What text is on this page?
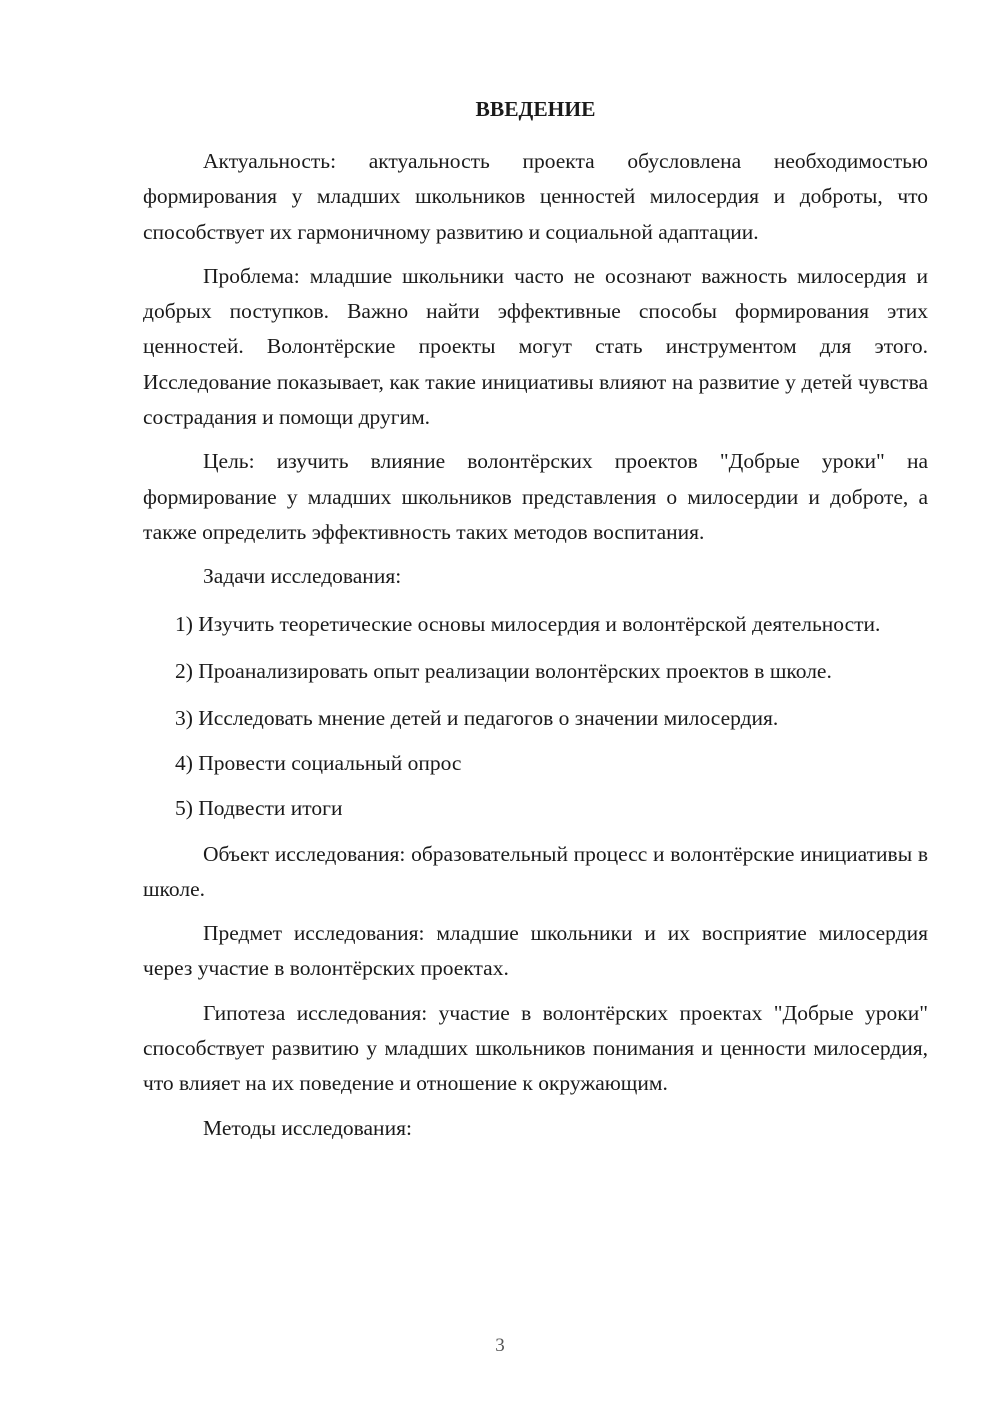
ВВЕДЕНИЕ

Актуальность: актуальность проекта обусловлена необходимостью формирования у младших школьников ценностей милосердия и доброты, что способствует их гармоничному развитию и социальной адаптации.

Проблема: младшие школьники часто не осознают важность милосердия и добрых поступков. Важно найти эффективные способы формирования этих ценностей. Волонтёрские проекты могут стать инструментом для этого. Исследование показывает, как такие инициативы влияют на развитие у детей чувства сострадания и помощи другим.

Цель: изучить влияние волонтёрских проектов "Добрые уроки" на формирование у младших школьников представления о милосердии и доброте, а также определить эффективность таких методов воспитания.

Задачи исследования:

1) Изучить теоретические основы милосердия и волонтёрской деятельности.

2) Проанализировать опыт реализации волонтёрских проектов в школе.

3) Исследовать мнение детей и педагогов о значении милосердия.

4) Провести социальный опрос

5) Подвести итоги

Объект исследования: образовательный процесс и волонтёрские инициативы в школе.

Предмет исследования: младшие школьники и их восприятие милосердия через участие в волонтёрских проектах.

Гипотеза исследования: участие в волонтёрских проектах "Добрые уроки" способствует развитию у младших школьников понимания и ценности милосердия, что влияет на их поведение и отношение к окружающим.

Методы исследования:

3
